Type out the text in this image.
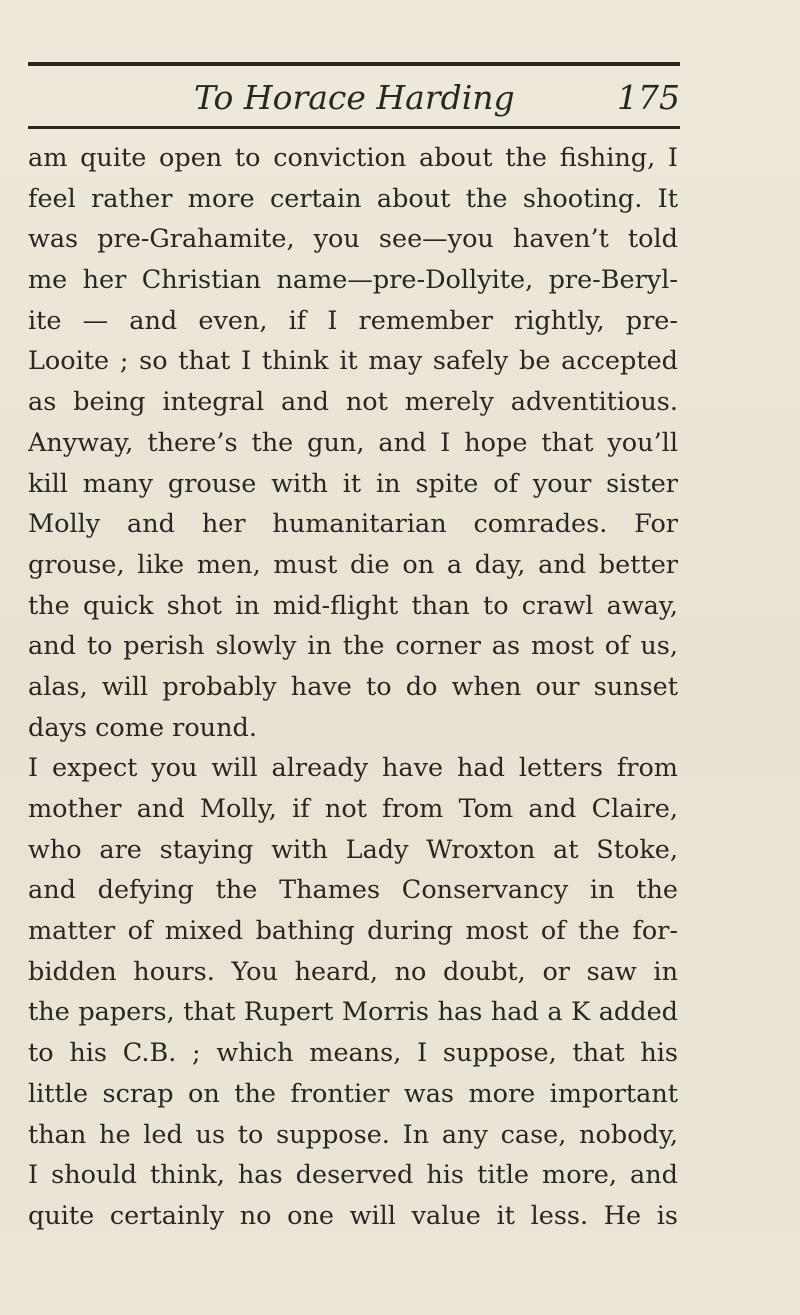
To Horace Harding	175
am quite open to conviction about the fishing, I
feel rather more certain about the shooting. It
was pre-Grahamite, you see—you haven’t told
me her Christian name—pre-Dollyite, pre-Beryl-
ite — and even, if I remember rightly, pre-
Looite ; so that I think it may safely be accepted
as being integral and not merely adventitious.
Anyway, there’s the gun, and I hope that you’ll
kill many grouse with it in spite of your sister
Molly and her humanitarian comrades. For
grouse, like men, must die on a day, and better
the quick shot in mid-flight than to crawl away,
and to perish slowly in the corner as most of us,
alas, will probably have to do when our sunset
days come round.
I expect you will already have had letters from
mother and Molly, if not from Tom and Claire,
who are staying with Lady Wroxton at Stoke,
and defying the Thames Conservancy in the
matter of mixed bathing during most of the for-
bidden hours. You heard, no doubt, or saw in
the papers, that Rupert Morris has had a K added
to his C.B. ; which means, I suppose, that his
little scrap on the frontier was more important
than he led us to suppose. In any case, nobody,
I should think, has deserved his title more, and
quite certainly no one will value it less. He is
